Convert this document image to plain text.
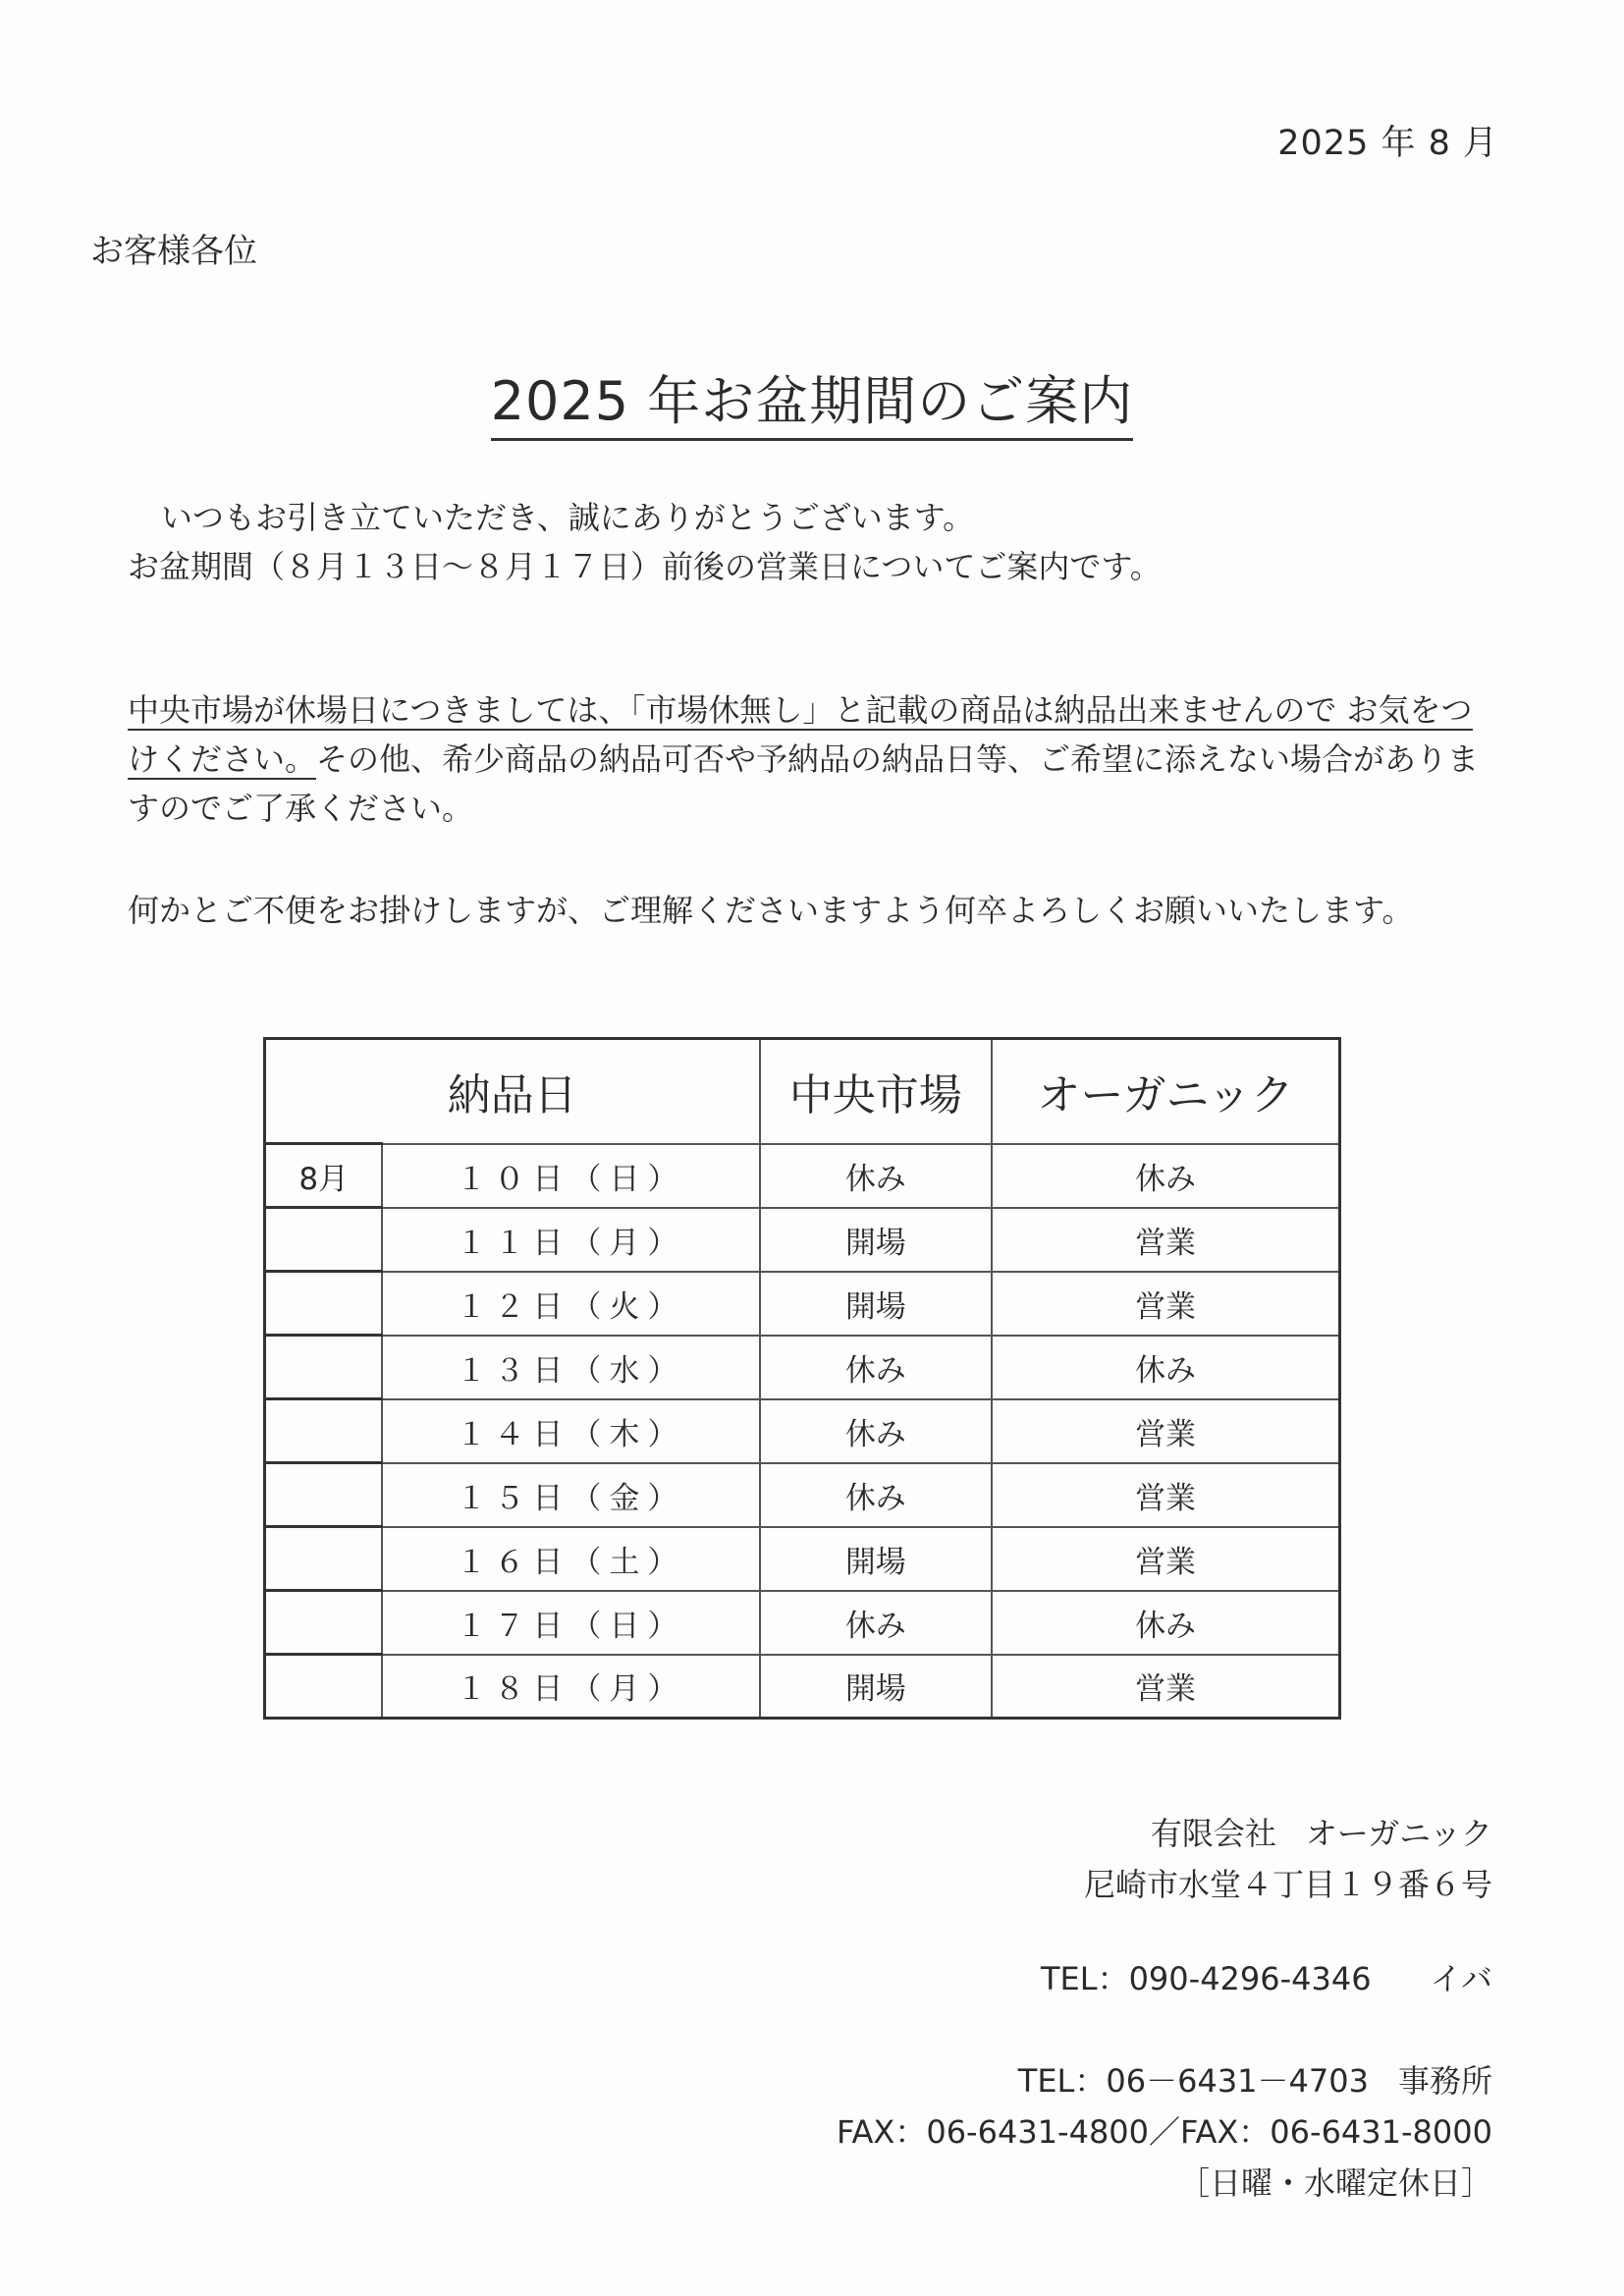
2025 年 8 月
お客様各位
2025 年お盆期間のご案内
いつもお引き立ていただき、誠にありがとうございます。
お盆期間（８月１３日～８月１７日）前後の営業日についてご案内です。
中央市場が休場日につきましては、「市場休無し」と記載の商品は納品出来ませんので お気をつけください。その他、希少商品の納品可否や予納品の納品日等、ご希望に添えない場合がありますのでご了承ください。
何かとご不便をお掛けしますが、ご理解くださいますよう何卒よろしくお願いいたします。
納品日		中央市場	オーガニック
8月	１０日（日）	休み	休み
	１１日（月）	開場	営業
	１２日（火）	開場	営業
	１３日（水）	休み	休み
	１４日（木）	休み	営業
	１５日（金）	休み	営業
	１６日（土）	開場	営業
	１７日（日）	休み	休み
	１８日（月）	開場	営業
有限会社 オーガニック
尼崎市水堂４丁目１９番６号
TEL：090-4296-4346 イバ
TEL：06－6431－4703 事務所
FAX：06-6431-4800／FAX：06-6431-8000
［日曜・水曜定休日］
